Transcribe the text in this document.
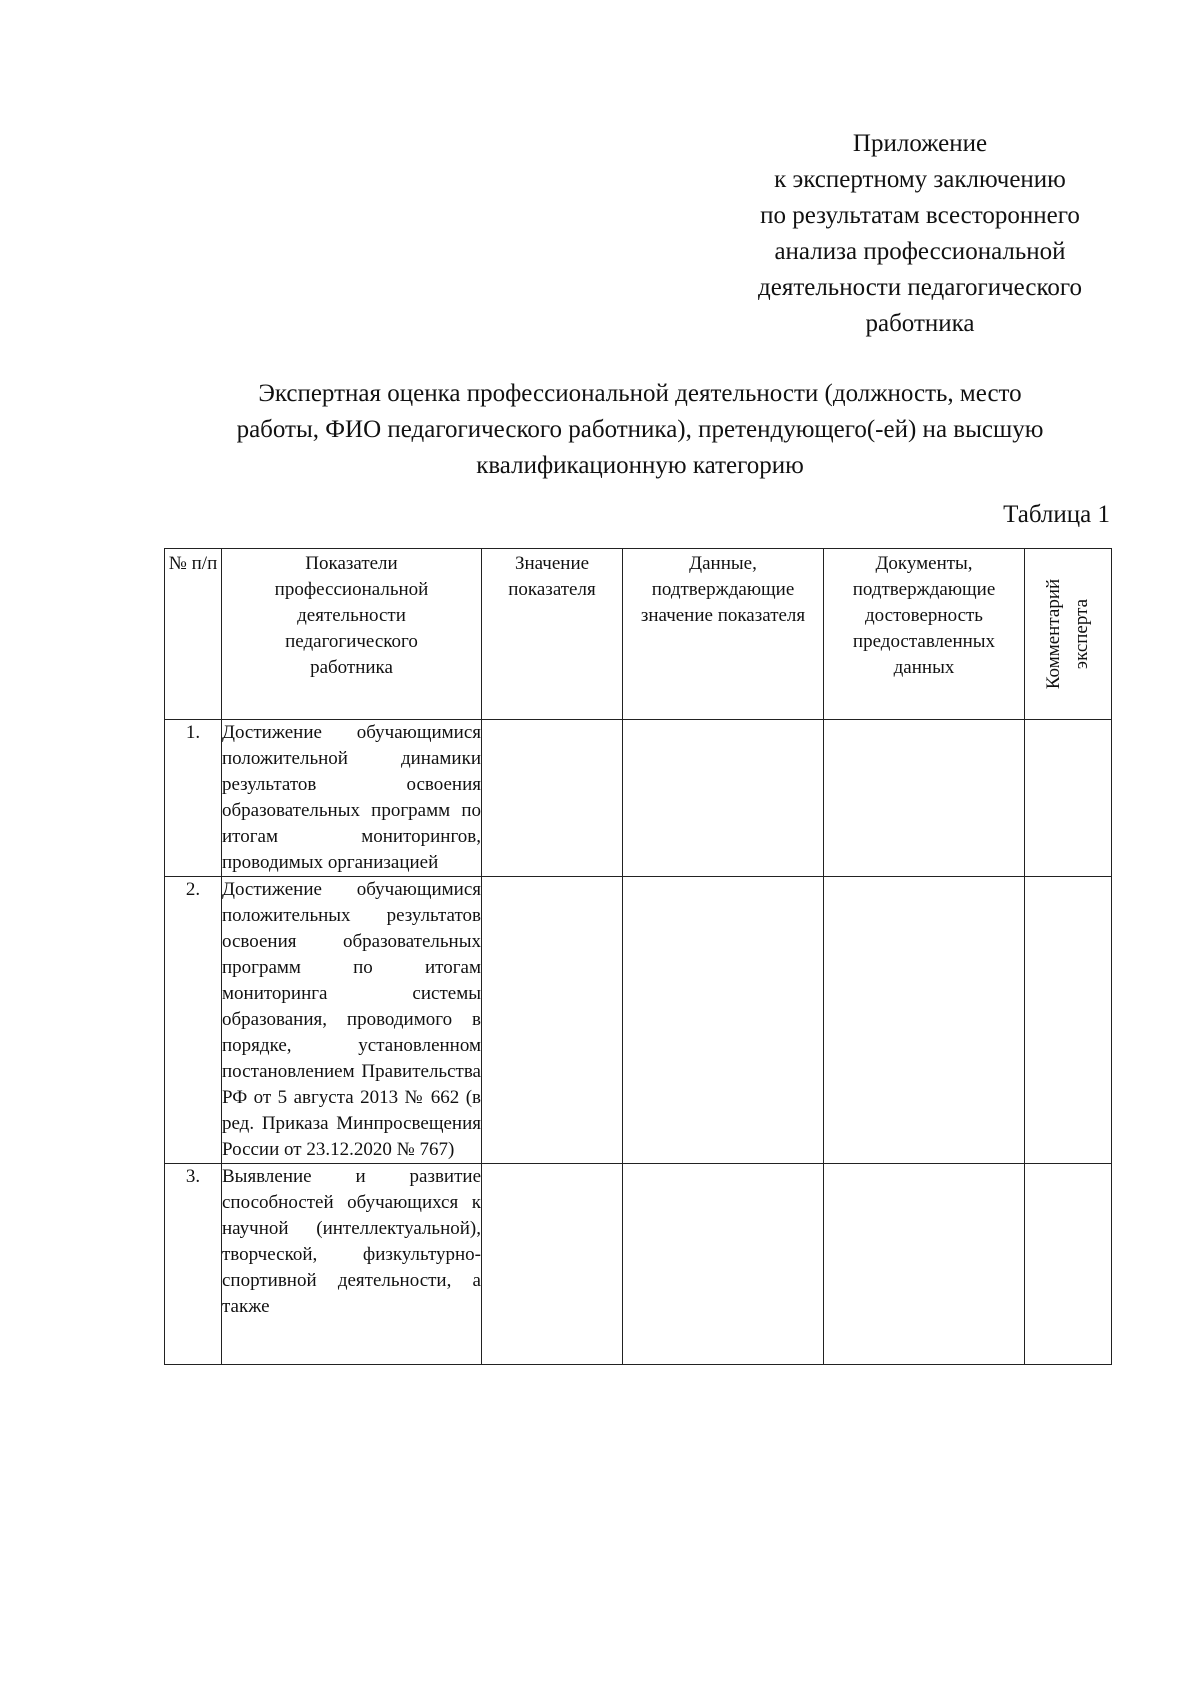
Приложение
к экспертному заключению
по результатам всестороннего
анализа профессиональной
деятельности педагогического
работника
Экспертная оценка профессиональной деятельности (должность, место
работы, ФИО педагогического работника), претендующего(-ей) на высшую
квалификационную категорию
Таблица 1
№ п/п	Показатели профессиональной деятельности педагогического работника	Значение показателя	Данные, подтверждающие значение показателя	Документы, подтверждающие достоверность предоставленных данных	Комментарий эксперта

1.	Достижение обучающимися положительной динамики результатов освоения образовательных программ по итогам мониторингов, проводимых организацией				
2.	Достижение обучающимися положительных результатов освоения образовательных программ по итогам мониторинга системы образования, проводимого в порядке, установленном постановлением Правительства РФ от 5 августа 2013 № 662 (в ред. Приказа Минпросвещения России от 23.12.2020 № 767)				
3.	Выявление и развитие способностей обучающихся к научной (интеллектуальной), творческой, физкультурно-спортивной деятельности, а также				
